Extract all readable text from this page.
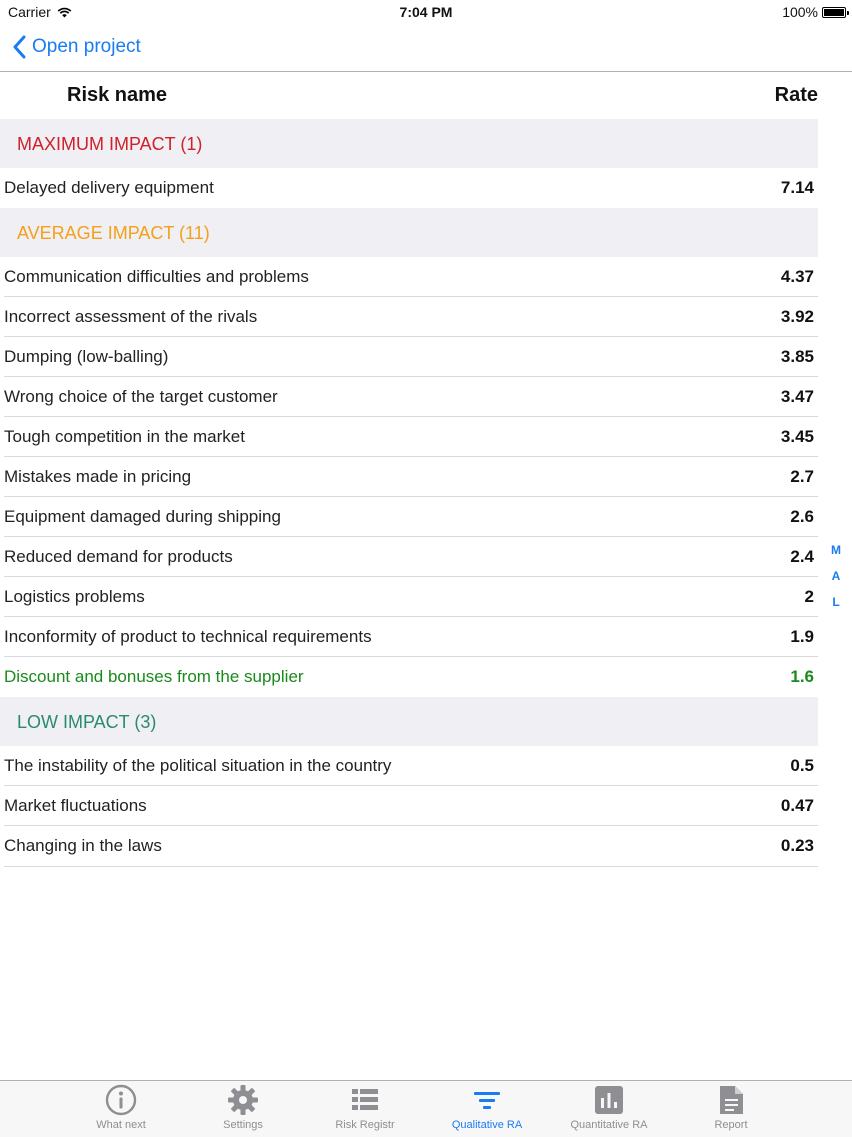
Carrier	7:04 PM	100%
Open project
Risk name	Rate
MAXIMUM IMPACT (1)
Delayed delivery equipment	7.14
AVERAGE IMPACT (11)
Communication difficulties and problems	4.37
Incorrect assessment of the rivals	3.92
Dumping (low-balling)	3.85
Wrong choice of the target customer	3.47
Tough competition in the market	3.45
Mistakes made in pricing	2.7
Equipment damaged during shipping	2.6
Reduced demand for products	2.4
Logistics problems	2
Inconformity of product to technical requirements	1.9
Discount and bonuses from the supplier	1.6
LOW IMPACT (3)
The instability of the political situation in the country	0.5
Market fluctuations	0.47
Changing in the laws	0.23
M
A
L
What next	Settings	Risk Registr	Qualitative RA	Quantitative RA	Report
